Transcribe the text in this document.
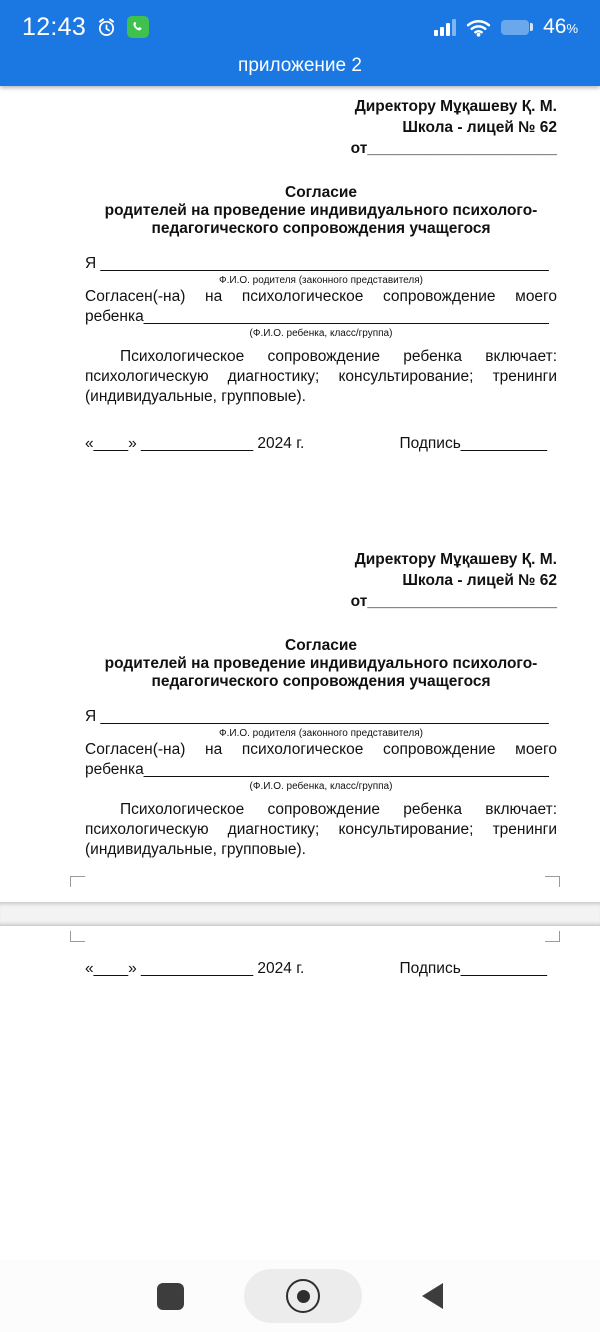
12:43	46%
приложение 2
Директору Мұқашеву Қ. М.
Школа - лицей № 62
от______________________
Согласие
родителей на проведение индивидуального психолого-
педагогического сопровождения учащегося
Я ____________________________________________________
Ф.И.О. родителя (законного представителя)
Согласен(-на) на психологическое сопровождение моего
ребенка_______________________________________________
(Ф.И.О. ребенка, класс/группа)

Психологическое сопровождение ребенка включает: психологическую диагностику; консультирование; тренинги (индивидуальные, групповые).

«____» _____________ 2024 г.	Подпись__________
Директору Мұқашеву Қ. М.
Школа - лицей № 62
от______________________
Согласие
родителей на проведение индивидуального психолого-
педагогического сопровождения учащегося
Я ____________________________________________________
Ф.И.О. родителя (законного представителя)
Согласен(-на) на психологическое сопровождение моего
ребенка_______________________________________________
(Ф.И.О. ребенка, класс/группа)

Психологическое сопровождение ребенка включает: психологическую диагностику; консультирование; тренинги (индивидуальные, групповые).

«____» _____________ 2024 г.	Подпись__________
